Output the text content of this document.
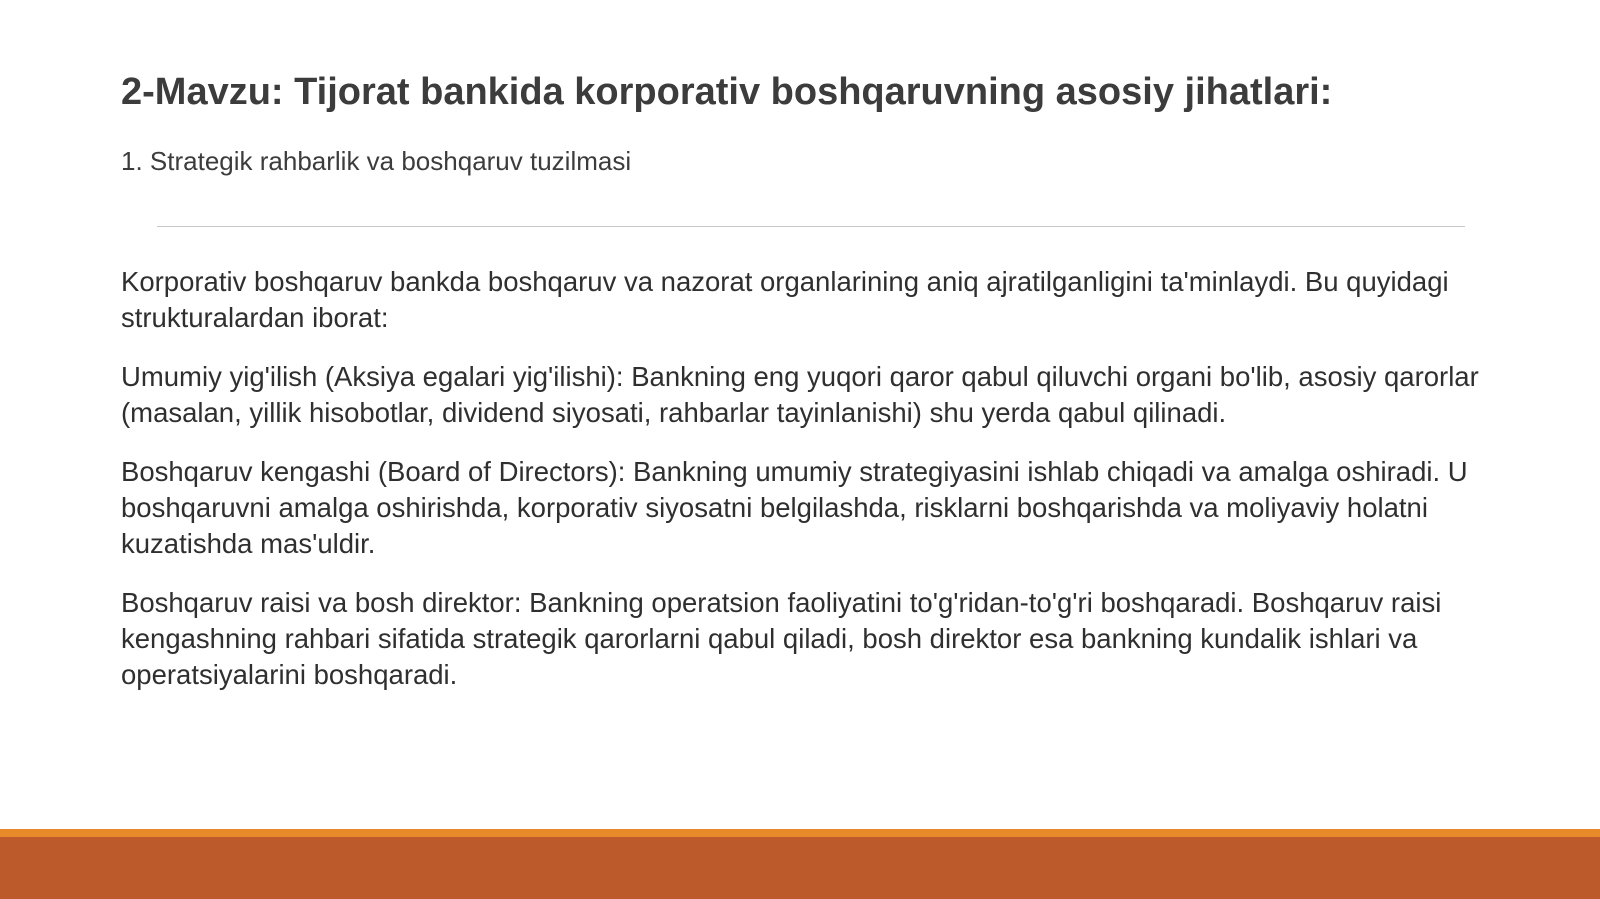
2-Mavzu: Tijorat bankida korporativ boshqaruvning asosiy jihatlari:
1. Strategik rahbarlik va boshqaruv tuzilmasi

Korporativ boshqaruv bankda boshqaruv va nazorat organlarining aniq ajratilganligini ta'minlaydi. Bu quyidagi strukturalardan iborat:

Umumiy yig'ilish (Aksiya egalari yig'ilishi): Bankning eng yuqori qaror qabul qiluvchi organi bo'lib, asosiy qarorlar (masalan, yillik hisobotlar, dividend siyosati, rahbarlar tayinlanishi) shu yerda qabul qilinadi.

Boshqaruv kengashi (Board of Directors): Bankning umumiy strategiyasini ishlab chiqadi va amalga oshiradi. U boshqaruvni amalga oshirishda, korporativ siyosatni belgilashda, risklarni boshqarishda va moliyaviy holatni kuzatishda mas'uldir.

Boshqaruv raisi va bosh direktor: Bankning operatsion faoliyatini to'g'ridan-to'g'ri boshqaradi. Boshqaruv raisi kengashning rahbari sifatida strategik qarorlarni qabul qiladi, bosh direktor esa bankning kundalik ishlari va operatsiyalarini boshqaradi.
